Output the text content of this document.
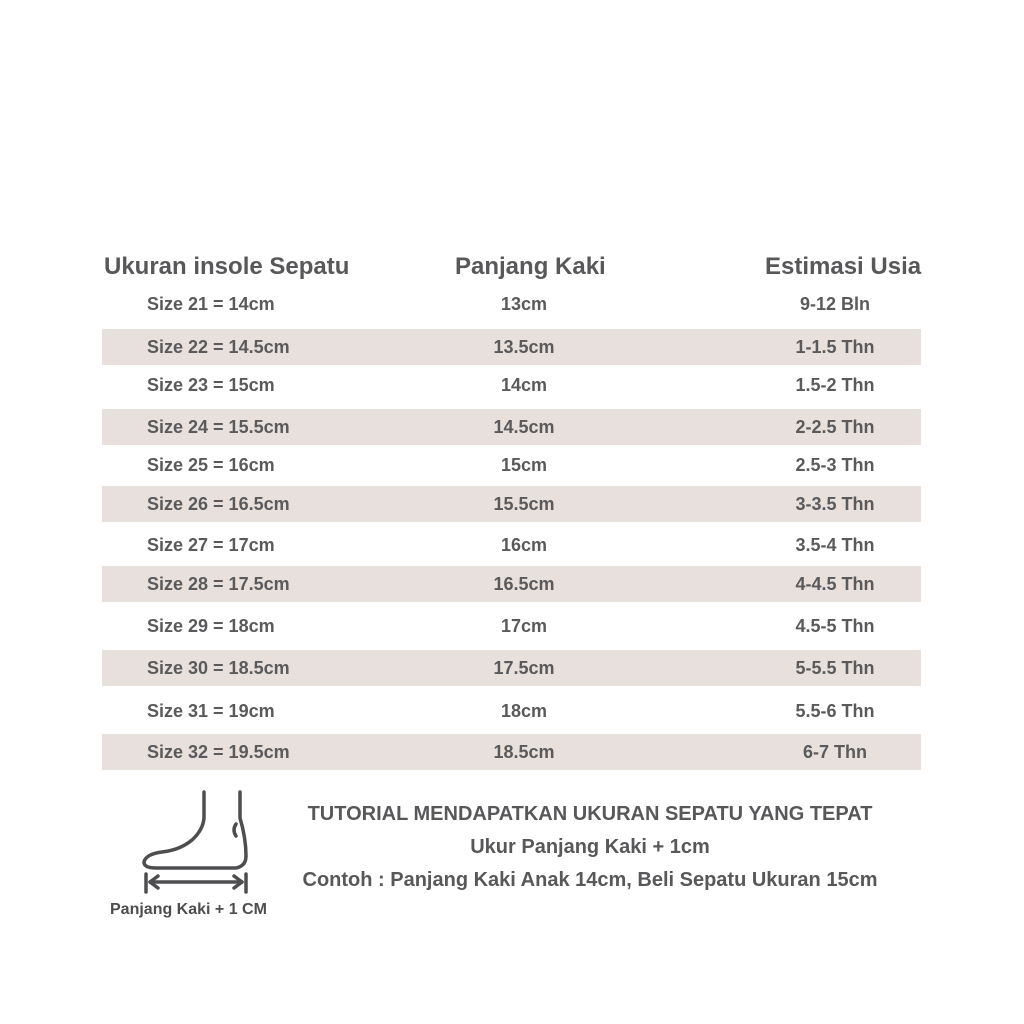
Ukuran insole Sepatu	Panjang Kaki	Estimasi Usia
Size 21 = 14cm	13cm	9-12 Bln
Size 22 = 14.5cm	13.5cm	1-1.5 Thn
Size 23 = 15cm	14cm	1.5-2 Thn
Size 24 = 15.5cm	14.5cm	2-2.5 Thn
Size 25 = 16cm	15cm	2.5-3 Thn
Size 26 = 16.5cm	15.5cm	3-3.5 Thn
Size 27 = 17cm	16cm	3.5-4 Thn
Size 28 = 17.5cm	16.5cm	4-4.5 Thn
Size 29 = 18cm	17cm	4.5-5 Thn
Size 30 = 18.5cm	17.5cm	5-5.5 Thn
Size 31 = 19cm	18cm	5.5-6 Thn
Size 32 = 19.5cm	18.5cm	6-7 Thn
Panjang Kaki + 1 CM
TUTORIAL MENDAPATKAN UKURAN SEPATU YANG TEPAT
Ukur Panjang Kaki + 1cm
Contoh : Panjang Kaki Anak 14cm, Beli Sepatu Ukuran 15cm
